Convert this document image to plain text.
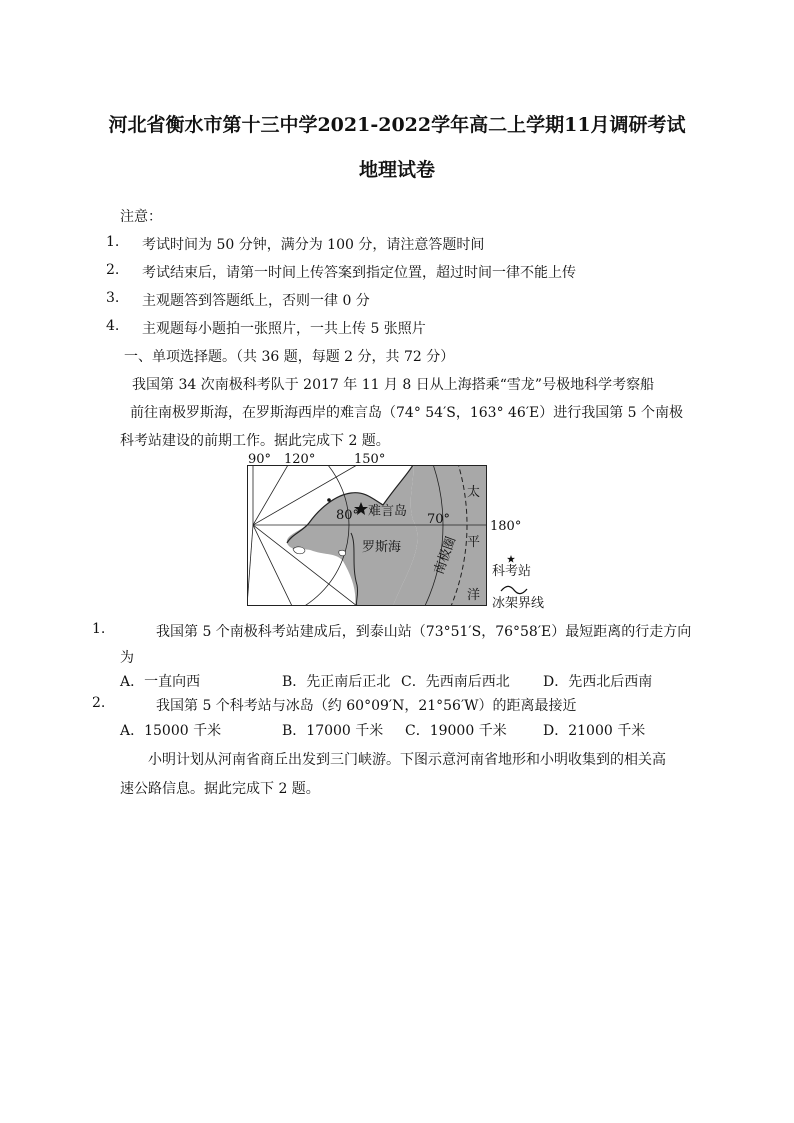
河北省衡水市第十三中学2021-2022学年高二上学期11月调研考试
地理试卷
注意：
1.	考试时间为 50 分钟，满分为 100 分，请注意答题时间
2.	考试结束后，请第一时间上传答案到指定位置，超过时间一律不能上传
3.	主观题答到答题纸上，否则一律 0 分
4.	主观题每小题拍一张照片，一共上传 5 张照片
一、单项选择题。（共 36 题，每题 2 分，共 72 分）
我国第 34 次南极科考队于 2017 年 11 月 8 日从上海搭乘“雪龙”号极地科学考察船
前往南极罗斯海，在罗斯海西岸的难言岛（74° 54′S，163° 46′E）进行我国第 5 个南极
科考站建设的前期工作。据此完成下 2 题。
90° 120°	150°
180°
80°	70°
难言岛
罗斯海 南极圈
太
平
洋
科考站
冰架界线
1.	我国第 5 个南极科考站建成后，到泰山站（73°51′S，76°58′E）最短距离的行走方向
为
A．一直向西	B．先正南后正北 C．先西南后西北 D．先西北后西南
2.	我国第 5 个科考站与冰岛（约 60°09′N，21°56′W）的距离最接近
A．15000 千米	B．17000 千米 C．19000 千米	D．21000 千米
小明计划从河南省商丘出发到三门峡游。下图示意河南省地形和小明收集到的相关高
速公路信息。据此完成下 2 题。
